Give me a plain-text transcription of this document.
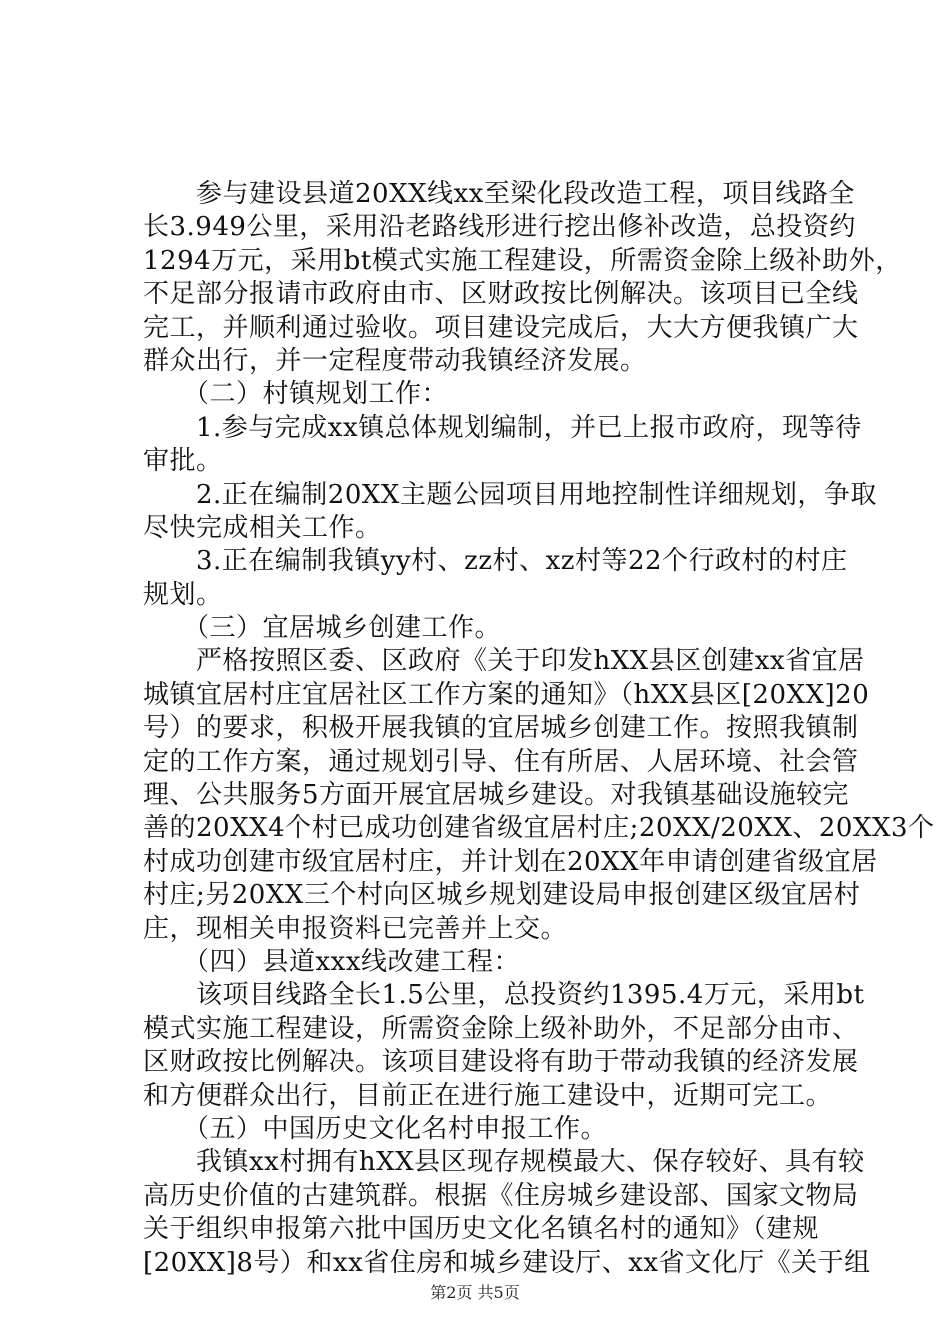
　　参与建设县道20XX线xx至梁化段改造工程，项目线路全
长3.949公里，采用沿老路线形进行挖出修补改造，总投资约
1294万元，采用bt模式实施工程建设，所需资金除上级补助外，
不足部分报请市政府由市、区财政按比例解决。该项目已全线
完工，并顺利通过验收。项目建设完成后，大大方便我镇广大
群众出行，并一定程度带动我镇经济发展。
　　（二）村镇规划工作：
　　1.参与完成xx镇总体规划编制，并已上报市政府，现等待
审批。
　　2.正在编制20XX主题公园项目用地控制性详细规划，争取
尽快完成相关工作。
　　3.正在编制我镇yy村、zz村、xz村等22个行政村的村庄
规划。
　　（三）宜居城乡创建工作。
　　严格按照区委、区政府《关于印发hXX县区创建xx省宜居
城镇宜居村庄宜居社区工作方案的通知》（hXX县区[20XX]20
号）的要求，积极开展我镇的宜居城乡创建工作。按照我镇制
定的工作方案，通过规划引导、住有所居、人居环境、社会管
理、公共服务5方面开展宜居城乡建设。对我镇基础设施较完
善的20XX4个村已成功创建省级宜居村庄;20XX/20XX、20XX3个
村成功创建市级宜居村庄，并计划在20XX年申请创建省级宜居
村庄;另20XX三个村向区城乡规划建设局申报创建区级宜居村
庄，现相关申报资料已完善并上交。
　　（四）县道xxx线改建工程：
　　该项目线路全长1.5公里，总投资约1395.4万元，采用bt
模式实施工程建设，所需资金除上级补助外，不足部分由市、
区财政按比例解决。该项目建设将有助于带动我镇的经济发展
和方便群众出行，目前正在进行施工建设中，近期可完工。
　　（五）中国历史文化名村申报工作。
　　我镇xx村拥有hXX县区现存规模最大、保存较好、具有较
高历史价值的古建筑群。根据《住房城乡建设部、国家文物局
关于组织申报第六批中国历史文化名镇名村的通知》（建规
[20XX]8号）和xx省住房和城乡建设厅、xx省文化厅《关于组
第2页 共5页
